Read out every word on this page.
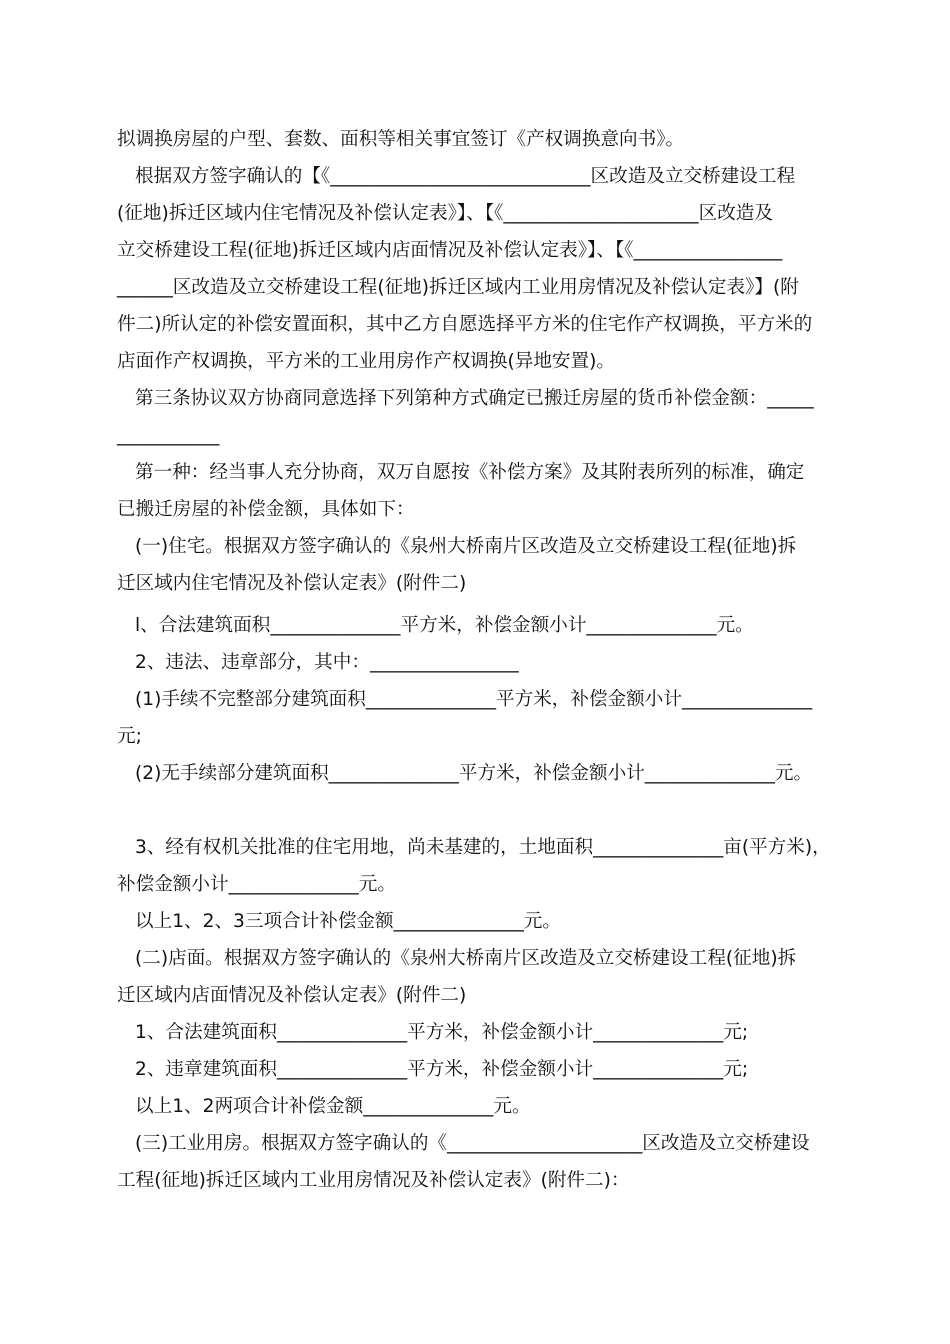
拟调换房屋的户型、套数、面积等相关事宜签订《产权调换意向书》。
根据双方签字确认的【《____________________________区改造及立交桥建设工程
(征地)拆迁区域内住宅情况及补偿认定表》】、【《_____________________区改造及
立交桥建设工程(征地)拆迁区域内店面情况及补偿认定表》】、【《________________
______区改造及立交桥建设工程(征地)拆迁区域内工业用房情况及补偿认定表》】(附
件二)所认定的补偿安置面积，其中乙方自愿选择平方米的住宅作产权调换，平方米的
店面作产权调换，平方米的工业用房作产权调换(异地安置)。
第三条协议双方协商同意选择下列第种方式确定已搬迁房屋的货币补偿金额：_____
___________
第一种：经当事人充分协商，双万自愿按《补偿方案》及其附表所列的标准，确定
已搬迁房屋的补偿金额，具体如下：
(一)住宅。根据双方签字确认的《泉州大桥南片区改造及立交桥建设工程(征地)拆
迁区域内住宅情况及补偿认定表》(附件二)
l、合法建筑面积______________平方米，补偿金额小计______________元。
2、违法、违章部分，其中：________________
(1)手续不完整部分建筑面积______________平方米，补偿金额小计______________
元;
(2)无手续部分建筑面积______________平方米，补偿金额小计______________元。
3、经有权机关批准的住宅用地，尚未基建的，土地面积______________亩(平方米)，
补偿金额小计______________元。
以上1、2、3三项合计补偿金额______________元。
(二)店面。根据双方签字确认的《泉州大桥南片区改造及立交桥建设工程(征地)拆
迁区域内店面情况及补偿认定表》(附件二)
1、合法建筑面积______________平方米，补偿金额小计______________元;
2、违章建筑面积______________平方米，补偿金额小计______________元;
以上1、2两项合计补偿金额______________元。
(三)工业用房。根据双方签字确认的《_____________________区改造及立交桥建设
工程(征地)拆迁区域内工业用房情况及补偿认定表》(附件二)：
